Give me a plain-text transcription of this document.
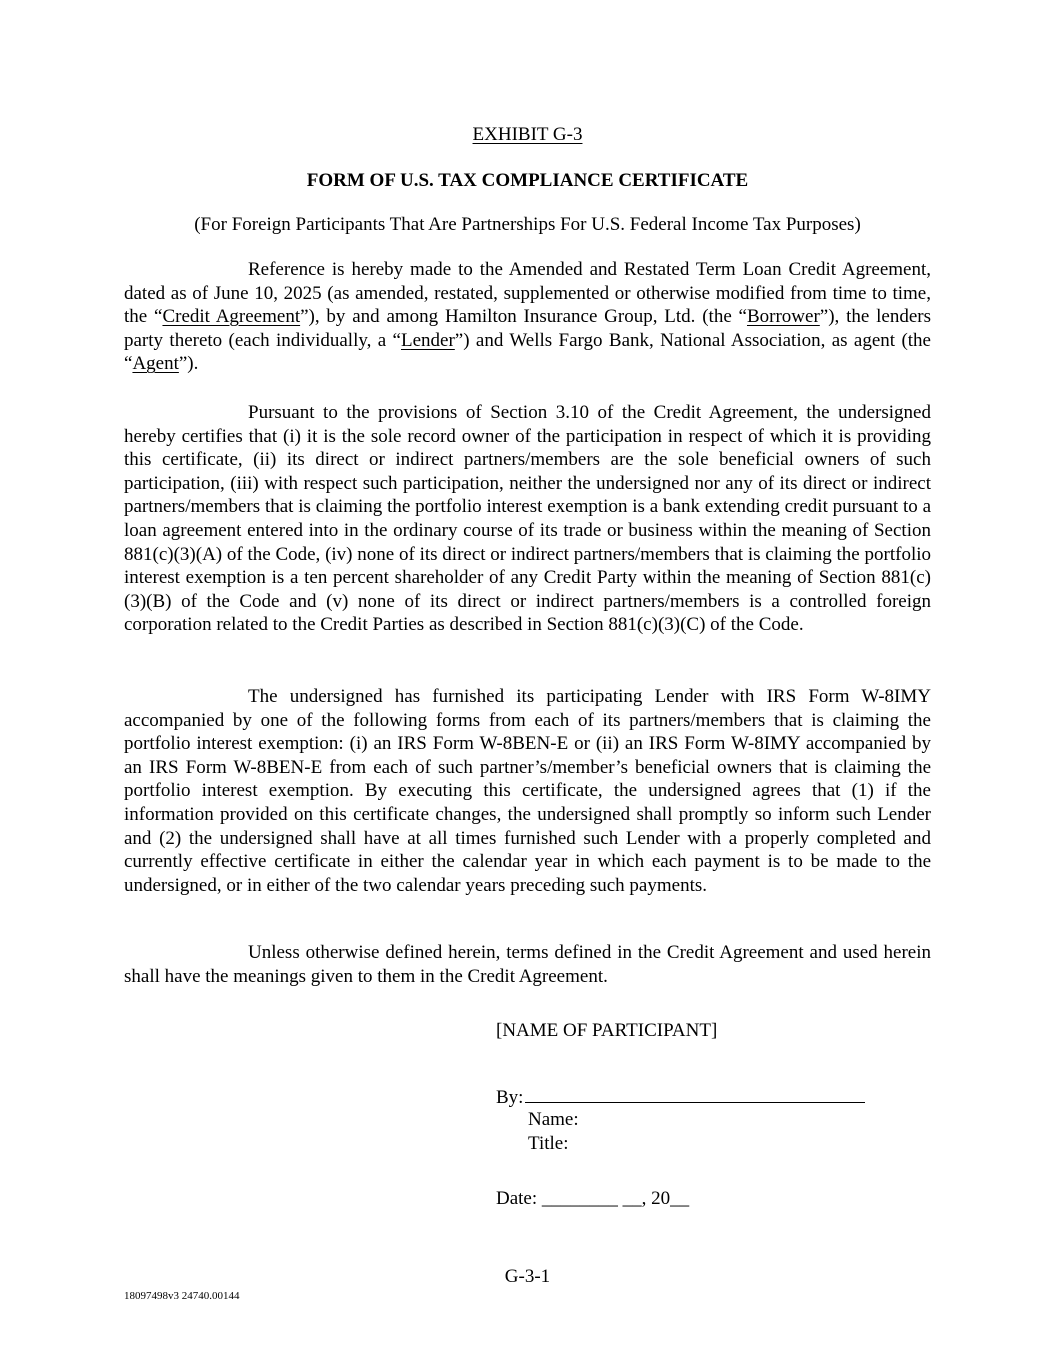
EXHIBIT G-3
FORM OF U.S. TAX COMPLIANCE CERTIFICATE
(For Foreign Participants That Are Partnerships For U.S. Federal Income Tax Purposes)

Reference is hereby made to the Amended and Restated Term Loan Credit Agreement, dated as of June 10, 2025 (as amended, restated, supplemented or otherwise modified from time to time, the “Credit Agreement”), by and among Hamilton Insurance Group, Ltd. (the “Borrower”), the lenders party thereto (each individually, a “Lender”) and Wells Fargo Bank, National Association, as agent (the “Agent”).

Pursuant to the provisions of Section 3.10 of the Credit Agreement, the undersigned hereby certifies that (i) it is the sole record owner of the participation in respect of which it is providing this certificate, (ii) its direct or indirect partners/members are the sole beneficial owners of such participation, (iii) with respect such participation, neither the undersigned nor any of its direct or indirect partners/members that is claiming the portfolio interest exemption is a bank extending credit pursuant to a loan agreement entered into in the ordinary course of its trade or business within the meaning of Section 881(c)(3)(A) of the Code, (iv) none of its direct or indirect partners/members that is claiming the portfolio interest exemption is a ten percent shareholder of any Credit Party within the meaning of Section 881(c)(3)(B) of the Code and (v) none of its direct or indirect partners/members is a controlled foreign corporation related to the Credit Parties as described in Section 881(c)(3)(C) of the Code.

The undersigned has furnished its participating Lender with IRS Form W-8IMY accompanied by one of the following forms from each of its partners/members that is claiming the portfolio interest exemption: (i) an IRS Form W-8BEN-E or (ii) an IRS Form W-8IMY accompanied by an IRS Form W-8BEN-E from each of such partner’s/member’s beneficial owners that is claiming the portfolio interest exemption. By executing this certificate, the undersigned agrees that (1) if the information provided on this certificate changes, the undersigned shall promptly so inform such Lender and (2) the undersigned shall have at all times furnished such Lender with a properly completed and currently effective certificate in either the calendar year in which each payment is to be made to the undersigned, or in either of the two calendar years preceding such payments.

Unless otherwise defined herein, terms defined in the Credit Agreement and used herein shall have the meanings given to them in the Credit Agreement.

[NAME OF PARTICIPANT]
By:
Name:
Title:
Date: ________ __, 20__
G-3-1
18097498v3 24740.00144
